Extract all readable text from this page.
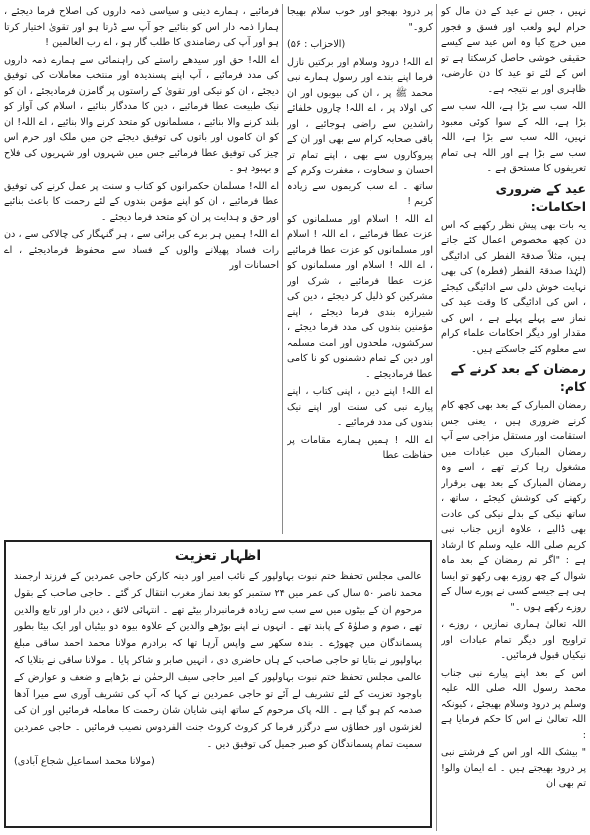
نہیں ، جس نے عید کے دن مال کو حرام لہو ولعب اور فسق و فجور میں خرچ کیا وہ اس عید سے کیسے حقیقی خوشی حاصل کرسکتا ہے تو اس کے لئے تو عید کا دن عارضی، ظاہری اور بے نتیجہ ہے۔

اللہ سب سے بڑا ہے، اللہ سب سے بڑا ہے، اللہ کے سوا کوئی معبود نہیں، اللہ سب سے بڑا ہے، اللہ سب سے بڑا ہے اور اللہ ہی تمام تعریفوں کا مستحق ہے ۔

عید کے ضروری احکامات:

یہ بات بھی پیش نظر رکھیے کہ اس دن کچھ مخصوص اعمال کئے جاتے ہیں، مثلاً صدقۃ الفطر کی ادائیگی (لہٰذا صدقۃ الفطر (فطرہ) کی بھی نہایت خوش دلی سے ادائیگی کیجئے ، اس کی ادائیگی کا وقت عید کی نماز سے پہلے پہلے ہے ، اس کی مقدار اور دیگر احکامات علماء کرام سے معلوم کئے جاسکتے ہیں۔

رمضان کے بعد کرنے کے کام:

رمضان المبارک کے بعد بھی کچھ کام کرنے ضروری ہیں ، یعنی جس استقامت اور مستقل مزاجی سے آپ رمضان المبارک میں عبادات میں مشغول رہا کرتے تھے ، اسے وہ رمضان المبارک کے بعد بھی برقرار رکھنے کی کوشش کیجئے ، ساتھ ، ساتھ نیکی کے بدلے نیکی کی عادت بھی ڈالیے ، علاوہ ازیں جناب نبی کریم صلی اللہ علیہ وسلم کا ارشاد ہے : "اگر تم رمضان کے بعد ماہ شوال کے چھ روزے بھی رکھو تو ایسا ہی ہے جیسے کسی نے پورے سال کے روزے رکھے ہوں ۔"

اللہ تعالیٰ ہماری نمازیں ، روزے ، تراویح اور دیگر تمام عبادات اور نیکیاں قبول فرمائیں۔

اس کے بعد اپنے پیارے نبی جناب محمد رسول اللہ صلی اللہ علیہ وسلم پر درود وسلام بھیجئے ، کیونکہ اللہ تعالیٰ نے اس کا حکم فرمایا ہے :

" بیشک اللہ اور اس کے فرشتے نبی پر درود بھیجتے ہیں ۔ اے ایمان والو! تم بھی ان

پر درود بھیجو اور خوب سلام بھیجا کرو۔"

(الاحزاب : ۵۶)

اے اللہ! درود وسلام اور برکتیں نازل فرما اپنے بندے اور رسول ہمارے نبی محمد ﷺ پر ، ان کی بیویوں اور ان کی اولاد پر ، اے اللہ! چاروں خلفائے راشدین سے راضی ہوجائیے ، اور باقی صحابہ کرام سے بھی اور ان کے پیروکاروں سے بھی ، اپنے تمام تر احسان و سخاوت ، مغفرت وکرم کے ساتھ ۔ اے سب کریموں سے زیادہ کریم !

اے اللہ ! اسلام اور مسلمانوں کو عزت عطا فرمائیے ، اے اللہ ! اسلام اور مسلمانوں کو عزت عطا فرمائیے ، اے اللہ ! اسلام اور مسلمانوں کو عزت عطا فرمائیے ، شرک اور مشرکین کو ذلیل کر دیجئے ، دین کی شیرازہ بندی فرما دیجئے ، اپنے مؤمنین بندوں کی مدد فرما دیجئے ، سرکشوں، ملحدوں اور امت مسلمہ اور دین کے تمام دشمنوں کو نا کامی عطا فرمادیجئے ۔

اے اللہ! اپنے دین ، اپنی کتاب ، اپنے پیارے نبی کی سنت اور اپنے نیک بندوں کی مدد فرمائیے ۔

اے اللہ ! ہمیں ہمارے مقامات پر حفاظت عطا

فرمائیے ، ہمارے دینی و سیاسی ذمہ داروں کی اصلاح فرما دیجئے ، ہمارا ذمہ دار اس کو بنائیے جو آپ سے ڈرتا ہو اور تقویٰ اختیار کرتا ہو اور آپ کی رضامندی کا طلب گار ہو ، اے رب العالمین !

اے اللہ! حق اور سیدھے راستے کی راہنمائی سے ہمارے ذمہ داروں کی مدد فرمائیے ، آپ اپنے پسندیدہ اور منتخب معاملات کی توفیق دیجئے ، ان کو نیکی اور تقویٰ کے راستوں پر گامزن فرمادیجئے ، ان کو نیک طبیعت عطا فرمائیے ، دین کا مددگار بنائیے ، اسلام کی آواز کو بلند کرنے والا بنائیے ، مسلمانوں کو متحد کرنے والا بنائیے ، اے اللہ! ان کو ان کاموں اور باتوں کی توفیق دیجئے جن میں ملک اور حرم اس چیز کی توفیق عطا فرمائیے جس میں شہروں اور شہریوں کی فلاح و بہبود ہو ۔

اے اللہ! مسلمان حکمرانوں کو کتاب و سنت پر عمل کرنے کی توفیق عطا فرمائیے ، ان کو اپنے مؤمن بندوں کے لئے رحمت کا باعث بنائیے اور حق و ہدایت پر ان کو متحد فرما دیجئے ۔

اے اللہ! ہمیں ہر برے کی برائی سے ، ہر گنہگار کی چالاکی سے ، دن رات فساد پھیلانے والوں کے فساد سے محفوظ فرمادیجئے ، اے احسانات اور

اظہار تعزیت

عالمی مجلس تحفظ ختم نبوت بہاولپور کے نائب امیر اور دینہ کارکن حاجی عمردین کے فرزند ارجمند محمد ناصر ۵۰ سال کی عمر میں ۲۴ ستمبر کو بعد نماز مغرب انتقال کر گئے ۔ حاجی صاحب کے بقول مرحوم ان کے بیٹوں میں سے سب سے زیادہ فرمانبردار بیٹے تھے ۔ انتہائی لائق ، دین دار اور تابع والدین تھے ، صوم و صلوٰۃ کے پابند تھے ۔ انہوں نے اپنے بوڑھے والدین کے علاوہ بیوہ دو بیٹیاں اور ایک بیٹا بطور پسماندگان میں چھوڑے ۔ بندہ سکھر سے واپس آرہا تھا کہ برادرم مولانا محمد احمد ساقی مبلغ بہاولپور نے بتایا تو حاجی صاحب کے ہاں حاضری دی ، انہیں صابر و شاکر پایا ۔ مولانا ساقی نے بتلایا کہ عالمی مجلس تحفظ ختم نبوت بہاولپور کے امیر حاجی سیف الرحمٰن نے بڑھاپے و ضعف و عوارض کے باوجود تعزیت کے لئے تشریف لے آئے تو حاجی عمردین نے کہا کہ آپ کی تشریف آوری سے میرا آدھا صدمہ کم ہو گیا ہے ۔ اللہ پاک مرحوم کے ساتھ اپنی شایان شان رحمت کا معاملہ فرمائیں اور ان کی لغزشوں اور خطاؤں سے درگزر فرما کر کروٹ کروٹ جنت الفردوس نصیب فرمائیں ۔ حاجی عمردین سمیت تمام پسماندگان کو صبر جمیل کی توفیق دیں ۔

(مولانا محمد اسماعیل شجاع آبادی)
